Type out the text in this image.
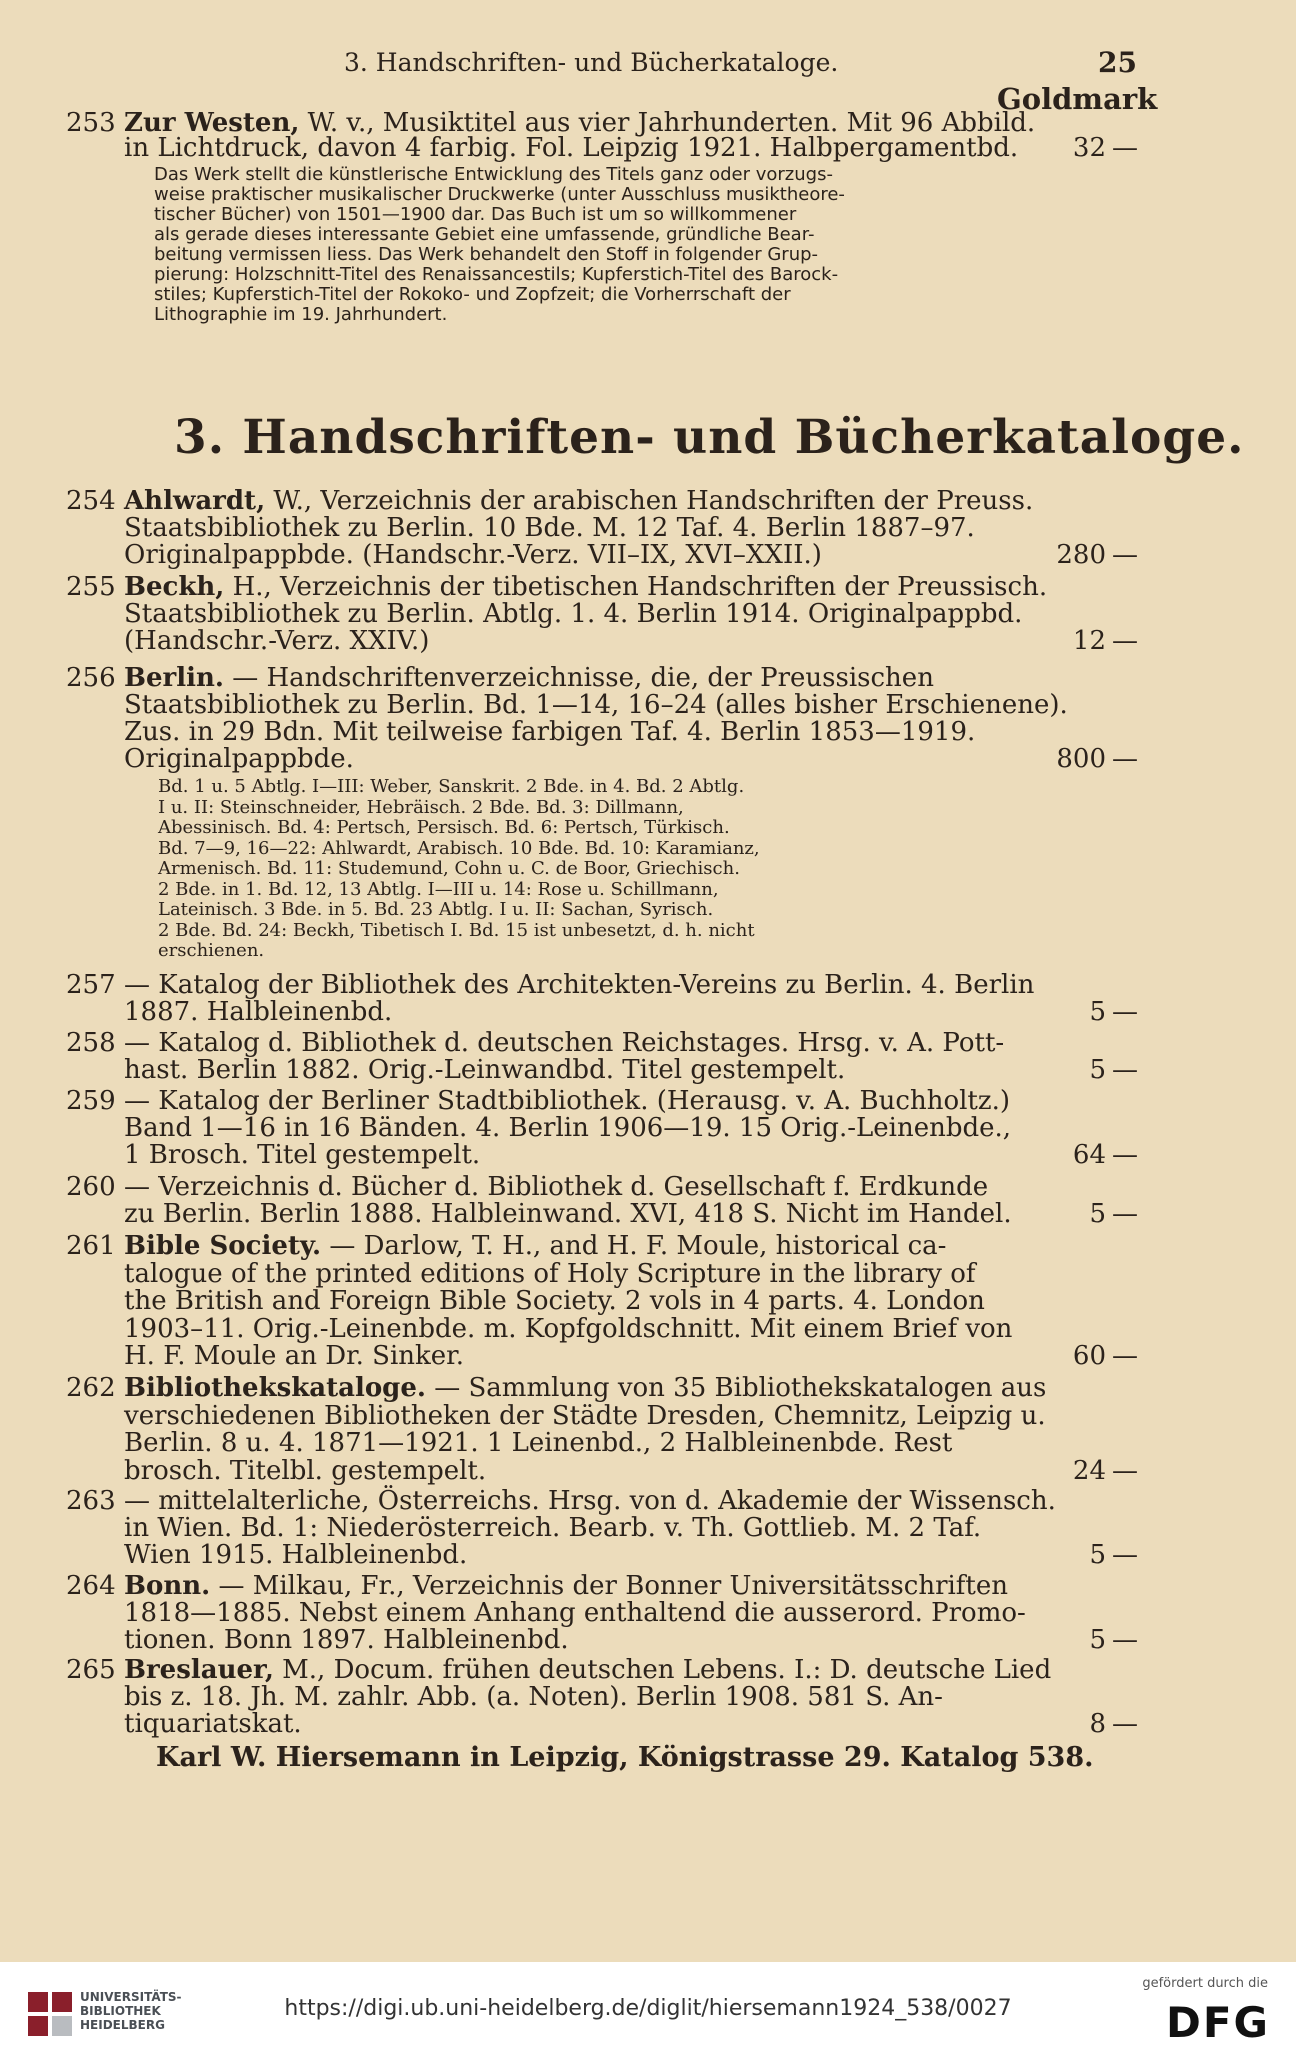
3. Handschriften- und Bücherkataloge.	25
Goldmark
3. Handschriften- und Bücherkataloge.
253 Zur Westen, W. v., Musiktitel aus vier Jahrhunderten. Mit 96 Abbild.
in Lichtdruck, davon 4 farbig. Fol. Leipzig 1921. Halbpergamentbd. 32 —
Das Werk stellt die künstlerische Entwicklung des Titels ganz oder vorzugs-
weise praktischer musikalischer Druckwerke (unter Ausschluss musiktheore-
tischer Bücher) von 1501—1900 dar. Das Buch ist um so willkommener
als gerade dieses interessante Gebiet eine umfassende, gründliche Bear-
beitung vermissen liess. Das Werk behandelt den Stoff in folgender Grup-
pierung: Holzschnitt-Titel des Renaissancestils; Kupferstich-Titel des Barock-
stiles; Kupferstich-Titel der Rokoko- und Zopfzeit; die Vorherrschaft der
Lithographie im 19. Jahrhundert.
254 Ahlwardt, W., Verzeichnis der arabischen Handschriften der Preuss.
Staatsbibliothek zu Berlin. 10 Bde. M. 12 Taf. 4. Berlin 1887–97.
Originalpappbde. (Handschr.-Verz. VII–IX, XVI–XXII.)	280 —
255 Beckh, H., Verzeichnis der tibetischen Handschriften der Preussisch.
Staatsbibliothek zu Berlin. Abtlg. 1. 4. Berlin 1914. Originalpappbd.
(Handschr.-Verz. XXIV.)	12 —
256 Berlin. — Handschriftenverzeichnisse, die, der Preussischen
Staatsbibliothek zu Berlin. Bd. 1—14, 16–24 (alles bisher Erschienene).
Zus. in 29 Bdn. Mit teilweise farbigen Taf. 4. Berlin 1853—1919.
Originalpappbde.	800 —
Bd. 1 u. 5 Abtlg. I—III: Weber, Sanskrit. 2 Bde. in 4. Bd. 2 Abtlg.
I u. II: Steinschneider, Hebräisch. 2 Bde. Bd. 3: Dillmann,
Abessinisch. Bd. 4: Pertsch, Persisch. Bd. 6: Pertsch, Türkisch.
Bd. 7—9, 16—22: Ahlwardt, Arabisch. 10 Bde. Bd. 10: Karamianz,
Armenisch. Bd. 11: Studemund, Cohn u. C. de Boor, Griechisch.
2 Bde. in 1. Bd. 12, 13 Abtlg. I—III u. 14: Rose u. Schillmann,
Lateinisch. 3 Bde. in 5. Bd. 23 Abtlg. I u. II: Sachan, Syrisch.
2 Bde. Bd. 24: Beckh, Tibetisch I. Bd. 15 ist unbesetzt, d. h. nicht
erschienen.
257 — Katalog der Bibliothek des Architekten-Vereins zu Berlin. 4. Berlin
1887. Halbleinenbd.	5 —
258 — Katalog d. Bibliothek d. deutschen Reichstages. Hrsg. v. A. Pott-
hast. Berlin 1882. Orig.-Leinwandbd. Titel gestempelt.	5 —
259 — Katalog der Berliner Stadtbibliothek. (Herausg. v. A. Buchholtz.)
Band 1—16 in 16 Bänden. 4. Berlin 1906—19. 15 Orig.-Leinenbde.,
1 Brosch. Titel gestempelt.	64 —
260 — Verzeichnis d. Bücher d. Bibliothek d. Gesellschaft f. Erdkunde
zu Berlin. Berlin 1888. Halbleinwand. XVI, 418 S. Nicht im Handel.	5 —
261 Bible Society. — Darlow, T. H., and H. F. Moule, historical ca-
talogue of the printed editions of Holy Scripture in the library of
the British and Foreign Bible Society. 2 vols in 4 parts. 4. London
1903–11. Orig.-Leinenbde. m. Kopfgoldschnitt. Mit einem Brief von
H. F. Moule an Dr. Sinker.	60 —
262 Bibliothekskataloge. — Sammlung von 35 Bibliothekskatalogen aus
verschiedenen Bibliotheken der Städte Dresden, Chemnitz, Leipzig u.
Berlin. 8 u. 4. 1871—1921. 1 Leinenbd., 2 Halbleinenbde. Rest
brosch. Titelbl. gestempelt.	24 —
263 — mittelalterliche, Österreichs. Hrsg. von d. Akademie der Wissensch.
in Wien. Bd. 1: Niederösterreich. Bearb. v. Th. Gottlieb. M. 2 Taf.
Wien 1915. Halbleinenbd.	5 —
264 Bonn. — Milkau, Fr., Verzeichnis der Bonner Universitätsschriften
1818—1885. Nebst einem Anhang enthaltend die ausserord. Promo-
tionen. Bonn 1897. Halbleinenbd.	5 —
265 Breslauer, M., Docum. frühen deutschen Lebens. I.: D. deutsche Lied
bis z. 18. Jh. M. zahlr. Abb. (a. Noten). Berlin 1908. 581 S. An-
tiquariatskat.	8 —
Karl W. Hiersemann in Leipzig, Königstrasse 29. Katalog 538.
UNIVERSITÄTS-
BIBLIOTHEK
HEIDELBERG
https://digi.ub.uni-heidelberg.de/diglit/hiersemann1924_538/0027
gefördert durch die
DFG
